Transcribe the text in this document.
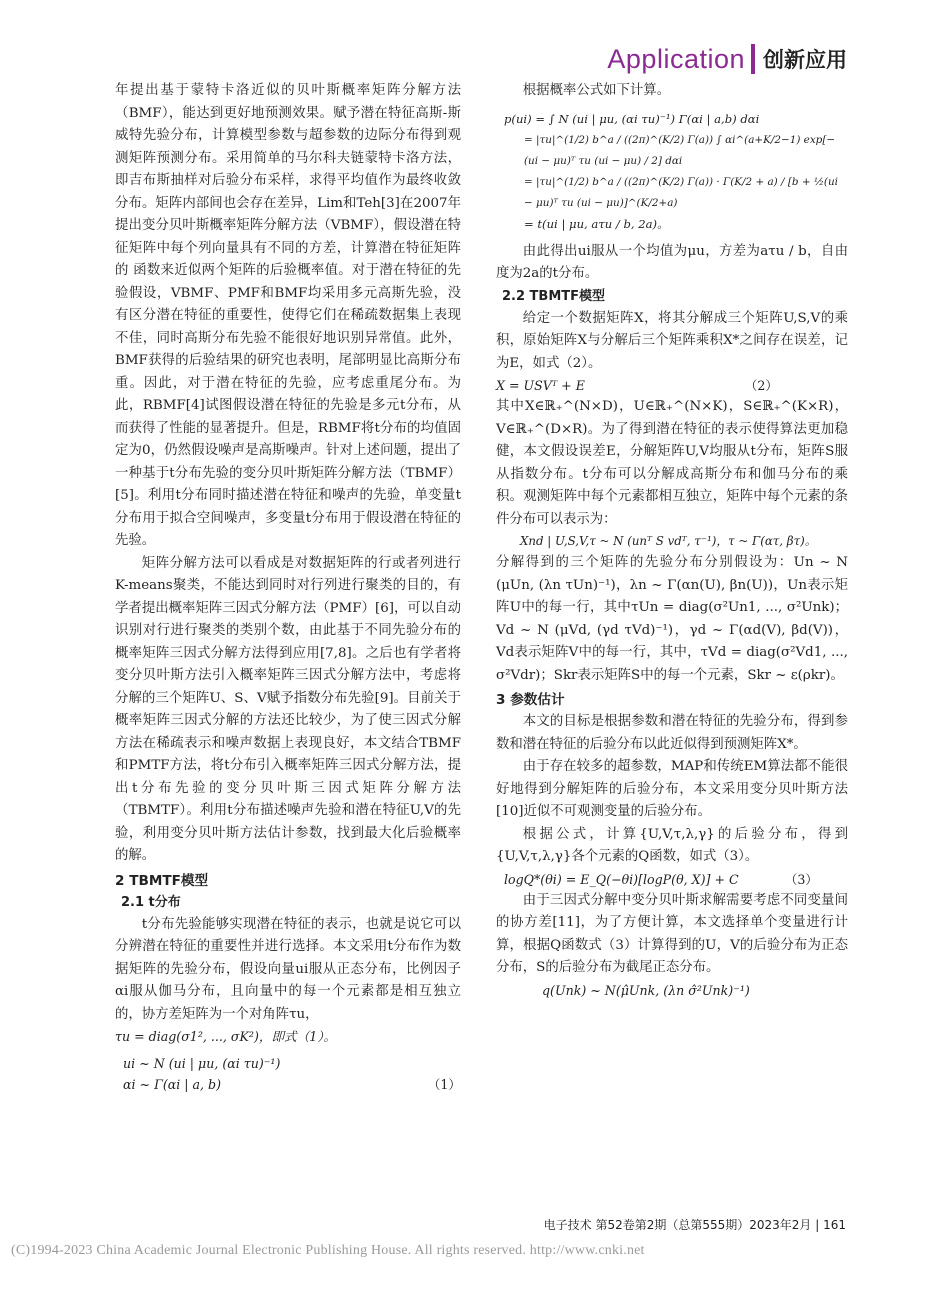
Application 创新应用

年提出基于蒙特卡洛近似的贝叶斯概率矩阵分解方法（BMF），能达到更好地预测效果。赋予潜在特征高斯-斯威特先验分布，计算模型参数与超参数的边际分布得到观测矩阵预测分布。采用简单的马尔科夫链蒙特卡洛方法，即吉布斯抽样对后验分布采样，求得平均值作为最终收敛分布。矩阵内部间也会存在差异，Lim和Teh[3]在2007年提出变分贝叶斯概率矩阵分解方法（VBMF），假设潜在特征矩阵中每个列向量具有不同的方差，计算潜在特征矩阵的 函数来近似两个矩阵的后验概率值。对于潜在特征的先验假设，VBMF、PMF和BMF均采用多元高斯先验，没有区分潜在特征的重要性，使得它们在稀疏数据集上表现不佳，同时高斯分布先验不能很好地识别异常值。此外，BMF获得的后验结果的研究也表明，尾部明显比高斯分布重。因此，对于潜在特征的先验，应考虑重尾分布。为此，RBMF[4]试图假设潜在特征的先验是多元t分布，从而获得了性能的显著提升。但是，RBMF将t分布的均值固定为0，仍然假设噪声是高斯噪声。针对上述问题，提出了一种基于t分布先验的变分贝叶斯矩阵分解方法（TBMF）[5]。利用t分布同时描述潜在特征和噪声的先验，单变量t分布用于拟合空间噪声，多变量t分布用于假设潜在特征的先验。

矩阵分解方法可以看成是对数据矩阵的行或者列进行K-means聚类，不能达到同时对行列进行聚类的目的，有学者提出概率矩阵三因式分解方法（PMF）[6]，可以自动识别对行进行聚类的类别个数，由此基于不同先验分布的概率矩阵三因式分解方法得到应用[7,8]。之后也有学者将变分贝叶斯方法引入概率矩阵三因式分解方法中，考虑将分解的三个矩阵U、S、V赋予指数分布先验[9]。目前关于概率矩阵三因式分解的方法还比较少，为了使三因式分解方法在稀疏表示和噪声数据上表现良好，本文结合TBMF和PMTF方法，将t分布引入概率矩阵三因式分解方法，提出t分布先验的变分贝叶斯三因式矩阵分解方法（TBMTF）。利用t分布描述噪声先验和潜在特征U,V的先验，利用变分贝叶斯方法估计参数，找到最大化后验概率的解。

2 TBMTF模型
2.1 t分布

t分布先验能够实现潜在特征的表示，也就是说它可以分辨潜在特征的重要性并进行选择。本文采用t分布作为数据矩阵的先验分布，假设向量ui服从正态分布，比例因子αi服从伽马分布，且向量中的每一个元素都是相互独立的，协方差矩阵为一个对角阵τu，

τu = diag(σ1², ..., σK²)，即式（1）。

ui ~ N (ui | μu, (αi τu)⁻¹)

αi ~ Γ(αi | a, b)	（1）

根据概率公式如下计算。

p(ui) = ∫ N (ui | μu, (αi τu)⁻¹) Γ(αi | a,b) dαi

= |τu|^(1/2) b^a / ((2π)^(K/2) Γ(a)) ∫ αi^(a+K/2−1) exp[−(ui − μu)ᵀ τu (ui − μu) / 2] dαi

= |τu|^(1/2) b^a / ((2π)^(K/2) Γ(a)) · Γ(K/2 + a) / [b + ½(ui − μu)ᵀ τu (ui − μu)]^(K/2+a)

= t(ui | μu, aτu / b, 2a)。

由此得出ui服从一个均值为μu，方差为aτu / b，自由度为2a的t分布。

2.2 TBMTF模型

给定一个数据矩阵X，将其分解成三个矩阵U,S,V的乘积，原始矩阵X与分解后三个矩阵乘积X*之间存在误差，记为E，如式（2）。

X = USVᵀ + E	（2）

其中X∈ℝ₊^(N×D)，U∈ℝ₊^(N×K)，S∈ℝ₊^(K×R)，V∈ℝ₊^(D×R)。为了得到潜在特征的表示使得算法更加稳健，本文假设误差E，分解矩阵U,V均服从t分布，矩阵S服从指数分布。t分布可以分解成高斯分布和伽马分布的乘积。观测矩阵中每个元素都相互独立，矩阵中每个元素的条件分布可以表示为：

Xnd | U,S,V,τ ~ N (unᵀ S vdᵀ, τ⁻¹)，τ ~ Γ(ατ, βτ)。

分解得到的三个矩阵的先验分布分别假设为：Un ~ N (μUn, (λn τUn)⁻¹)，λn ~ Γ(αn(U), βn(U))，Un表示矩阵U中的每一行，其中τUn = diag(σ²Un1, ..., σ²Unk)；Vd ~ N (μVd, (γd τVd)⁻¹)，γd ~ Γ(αd(V), βd(V))，Vd表示矩阵V中的每一行，其中，τVd = diag(σ²Vd1, ..., σ²Vdr)；Skr表示矩阵S中的每一个元素，Skr ~ ε(ρkr)。

3 参数估计

本文的目标是根据参数和潜在特征的先验分布，得到参数和潜在特征的后验分布以此近似得到预测矩阵X*。

由于存在较多的超参数，MAP和传统EM算法都不能很好地得到分解矩阵的后验分布，本文采用变分贝叶斯方法[10]近似不可观测变量的后验分布。

根据公式，计算{U,V,τ,λ,γ}的后验分布，得到{U,V,τ,λ,γ}各个元素的Q函数，如式（3）。

logQ*(θi) = E_Q(−θi)[logP(θ, X)] + C	（3）

由于三因式分解中变分贝叶斯求解需要考虑不同变量间的协方差[11]，为了方便计算，本文选择单个变量进行计算，根据Q函数式（3）计算得到的U，V的后验分布为正态分布，S的后验分布为截尾正态分布。

q(Unk) ~ N(μ̂Unk, (λn σ̂²Unk)⁻¹)

电子技术 第52卷第2期（总第555期）2023年2月 | 161
(C)1994-2023 China Academic Journal Electronic Publishing House. All rights reserved. http://www.cnki.net
